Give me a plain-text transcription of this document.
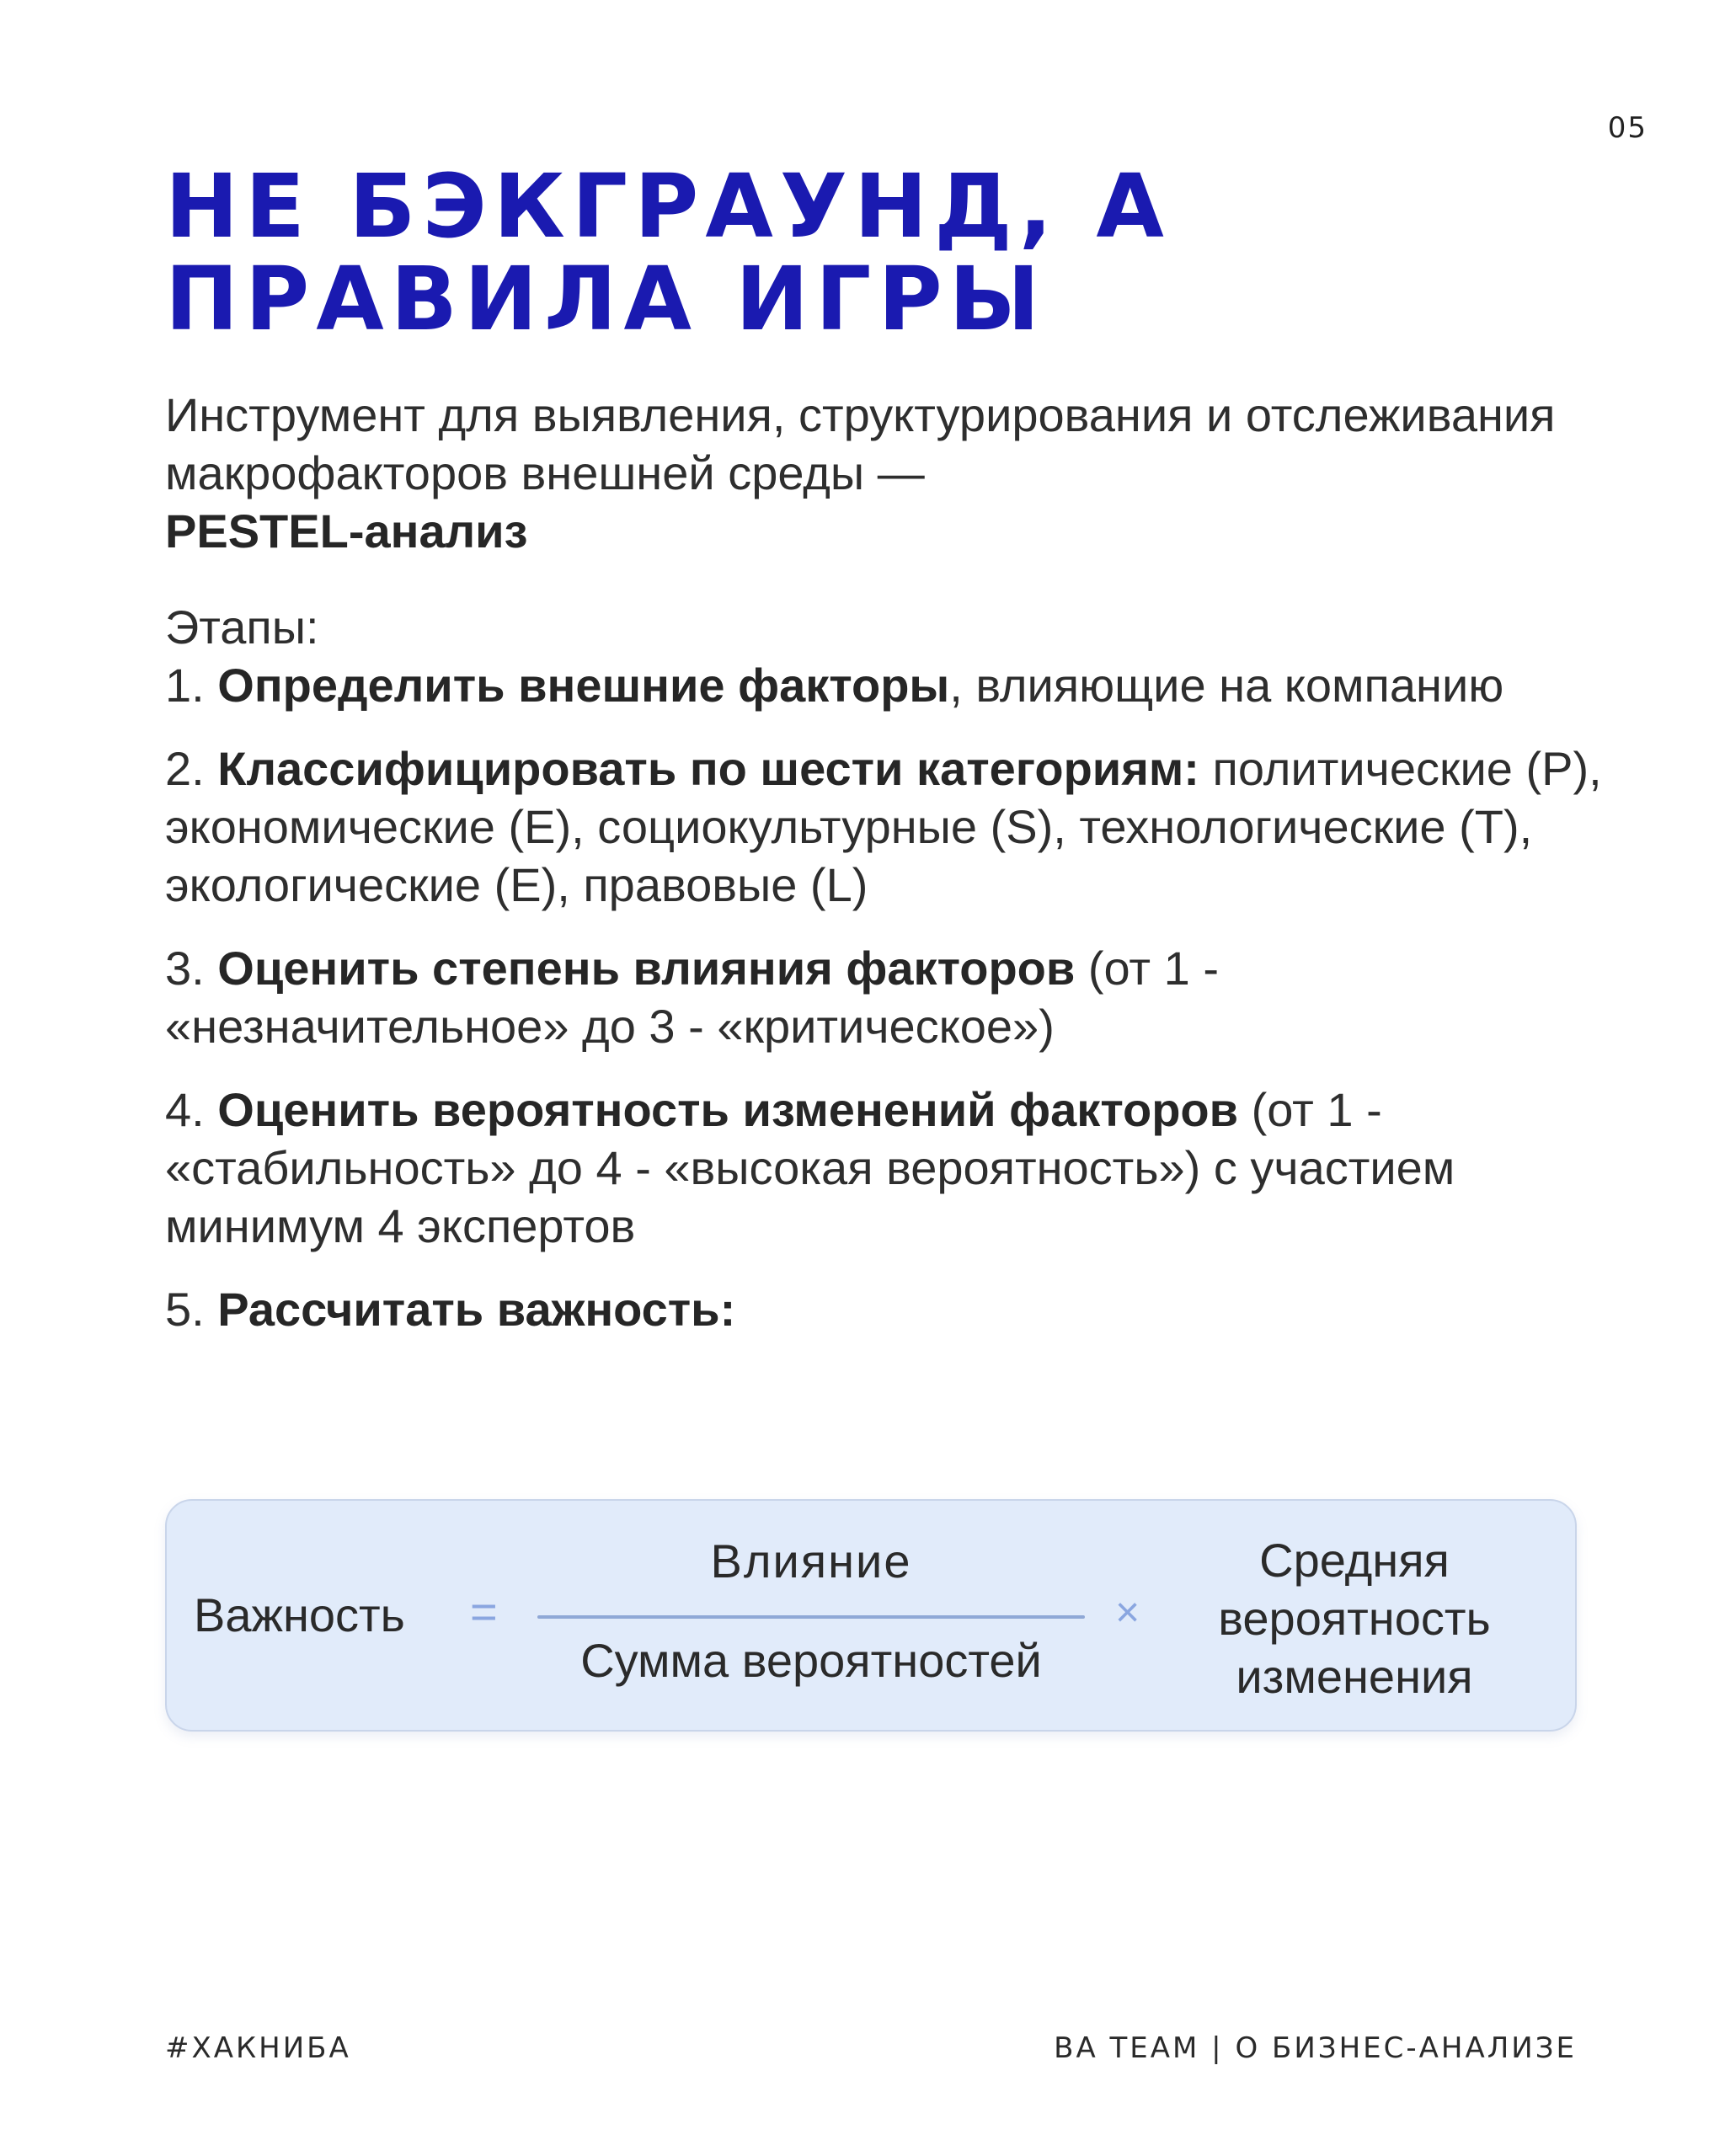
05
НЕ БЭКГРАУНД, А ПРАВИЛА ИГРЫ

Инструмент для выявления, структурирования и отслеживания макрофакторов внешней среды —
PESTEL-анализ

Этапы:

1. Определить внешние факторы, влияющие на компанию

2. Классифицировать по шести категориям: политические (P), экономические (E), социокультурные (S), технологические (T), экологические (E), правовые (L)

3. Оценить степень влияния факторов (от 1 - «незначительное» до 3 - «критическое»)

4. Оценить вероятность изменений факторов (от 1 - «стабильность» до 4 - «высокая вероятность») с участием минимум 4 экспертов

5. Рассчитать важность:

Важность =
Влияние
Сумма вероятностей
×
Средняя
вероятность
изменения
#ХАКНИБА	BA TEAM | О БИЗНЕС-АНАЛИЗЕ
